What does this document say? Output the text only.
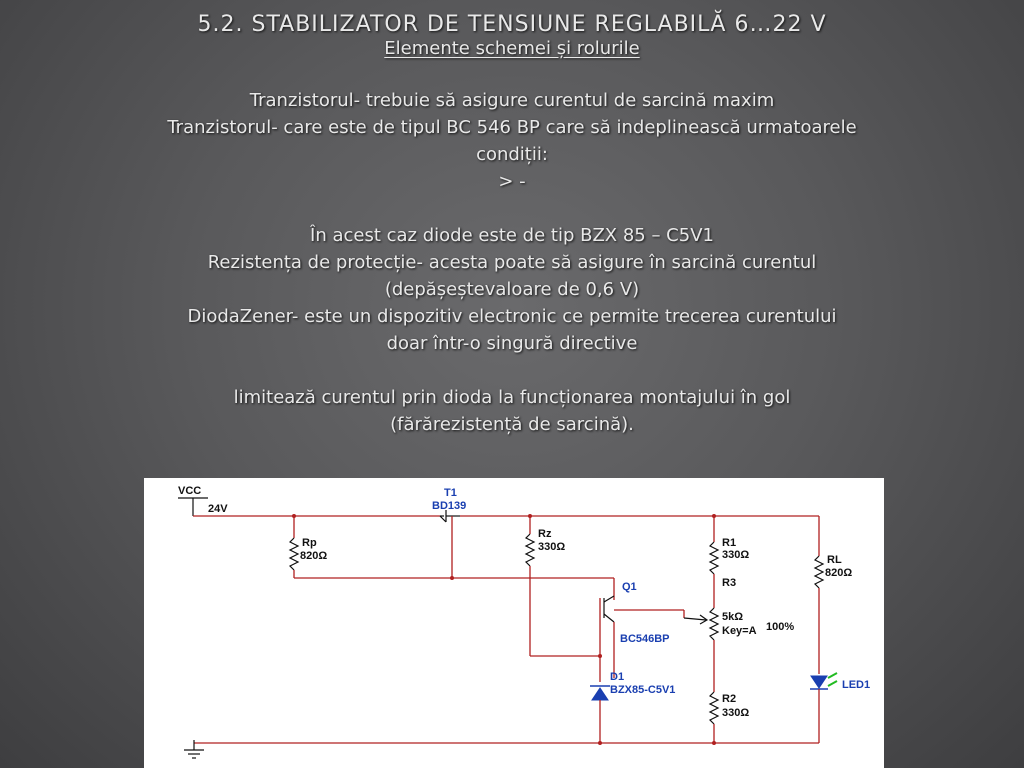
5.2. STABILIZATOR DE TENSIUNE REGLABILĂ 6…22 V
Elemente schemei și rolurile

Tranzistorul- trebuie să asigure curentul de sarcină maxim

Tranzistorul- care este de tipul BC 546 BP care să indeplinească urmatoarele

condiții:

> -

În acest caz diode este de tip BZX 85 – C5V1

Rezistența de protecție- acesta poate să asigure în sarcină curentul

(depășeștevaloare de 0,6 V)

DiodaZener- este un dispozitiv electronic ce permite trecerea curentului

doar într-o singură directive

limitează curentul prin dioda la funcționarea montajului în gol

(fărărezistență de sarcină).

VCC
24V
T1
BD139
Rp
820Ω
Rz
330Ω
Q1
BC546BP
R1
330Ω
R3
5kΩ
Key=A 100%
R2
330Ω
D1
BZX85-C5V1
RL
820Ω
LED1
